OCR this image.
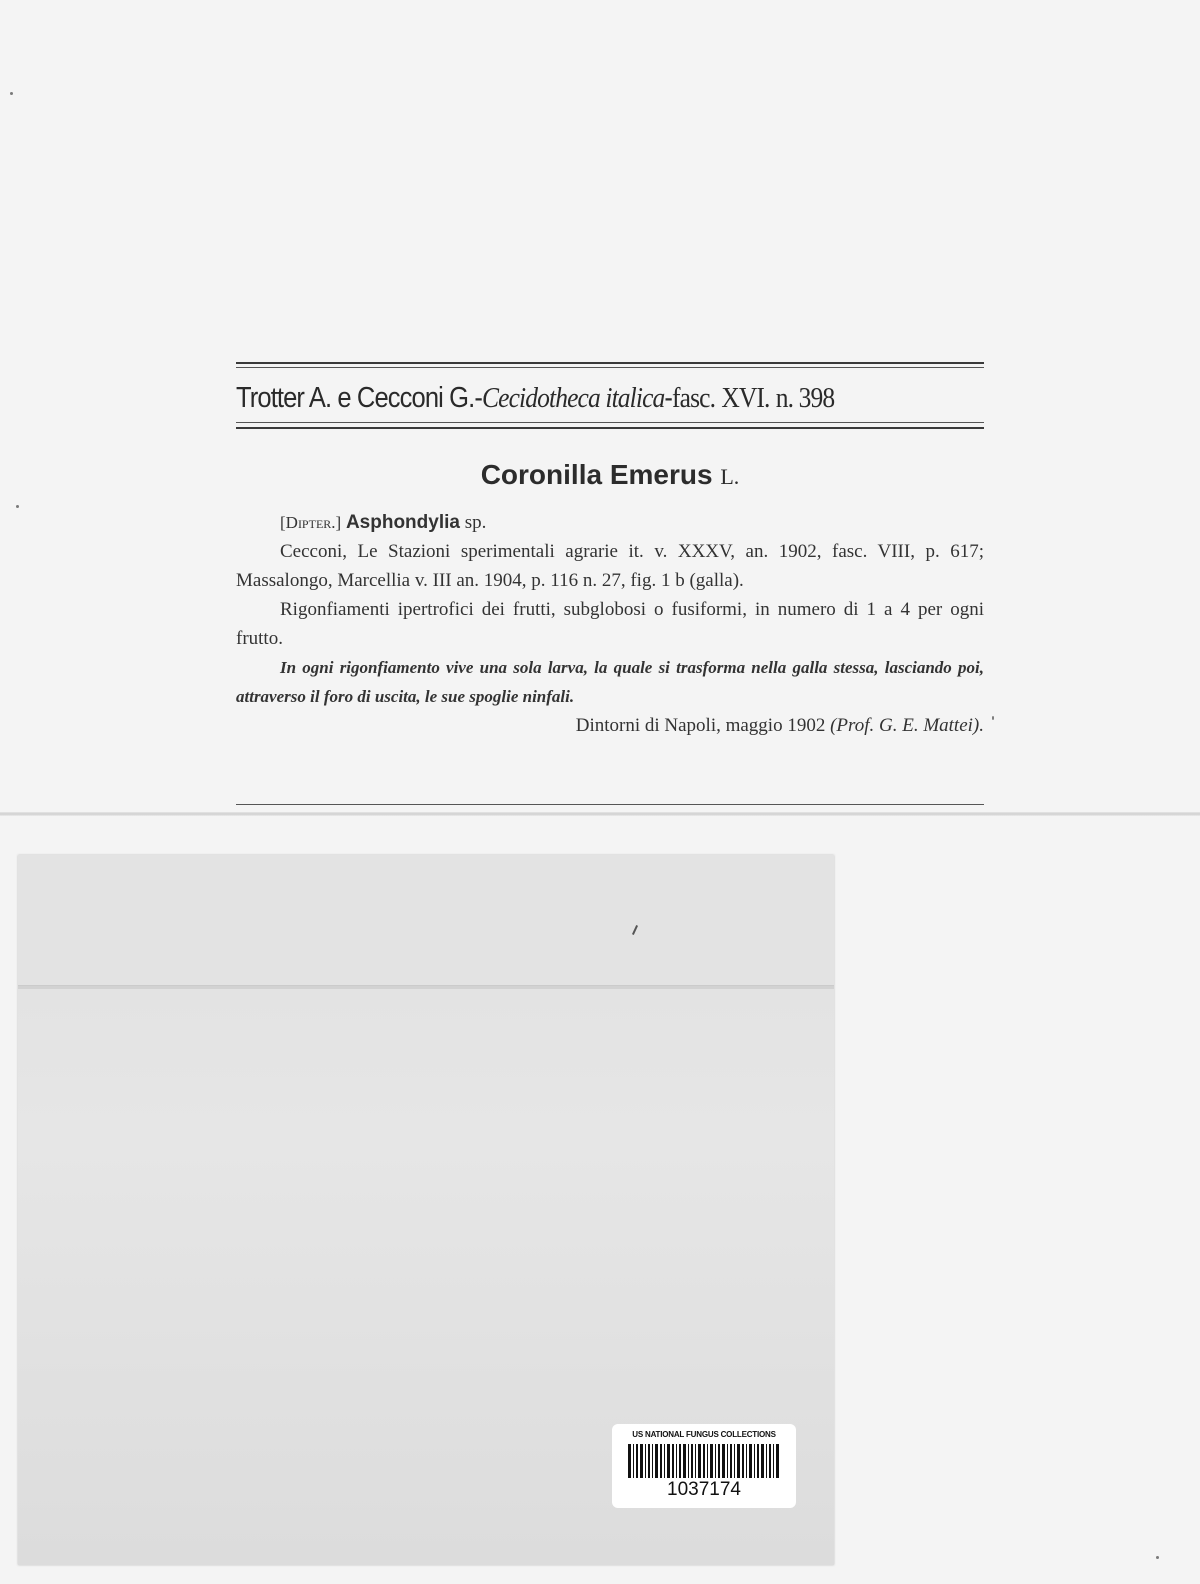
Trotter A. e Cecconi G.-Cecidotheca italica-fasc. XVI. n. 398
Coronilla Emerus L.

[Dipter.] Asphondylia sp.

Cecconi, Le Stazioni sperimentali agrarie it. v. XXXV, an. 1902, fasc. VIII, p. 617; Massalongo, Marcellia v. III an. 1904, p. 116 n. 27, fig. 1 b (galla).

Rigonfiamenti ipertrofici dei frutti, subglobosi o fusiformi, in numero di 1 a 4 per ogni frutto.

In ogni rigonfiamento vive una sola larva, la quale si trasforma nella galla stessa, lasciando poi, attraverso il foro di uscita, le sue spoglie ninfali.

Dintorni di Napoli, maggio 1902 (Prof. G. E. Mattei).

US NATIONAL FUNGUS COLLECTIONS
1037174
